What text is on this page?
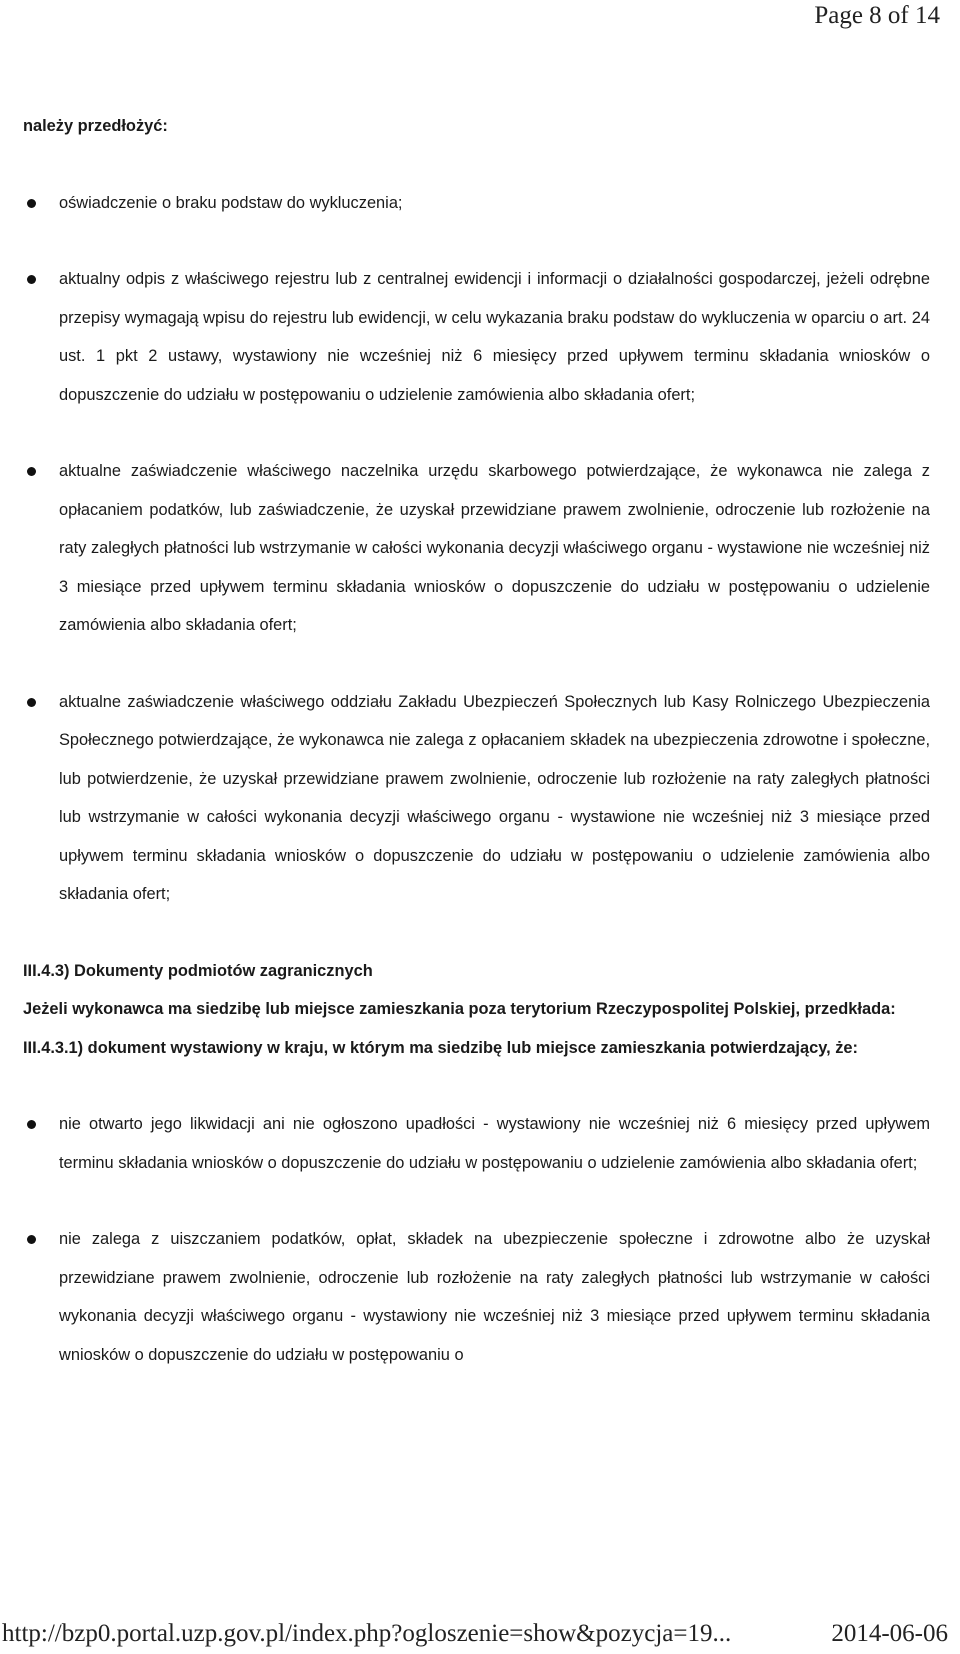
Page 8 of 14

należy przedłożyć:

oświadczenie o braku podstaw do wykluczenia;
aktualny odpis z właściwego rejestru lub z centralnej ewidencji i informacji o działalności gospodarczej, jeżeli odrębne przepisy wymagają wpisu do rejestru lub ewidencji, w celu wykazania braku podstaw do wykluczenia w oparciu o art. 24 ust. 1 pkt 2 ustawy, wystawiony nie wcześniej niż 6 miesięcy przed upływem terminu składania wniosków o dopuszczenie do udziału w postępowaniu o udzielenie zamówienia albo składania ofert;
aktualne zaświadczenie właściwego naczelnika urzędu skarbowego potwierdzające, że wykonawca nie zalega z opłacaniem podatków, lub zaświadczenie, że uzyskał przewidziane prawem zwolnienie, odroczenie lub rozłożenie na raty zaległych płatności lub wstrzymanie w całości wykonania decyzji właściwego organu - wystawione nie wcześniej niż 3 miesiące przed upływem terminu składania wniosków o dopuszczenie do udziału w postępowaniu o udzielenie zamówienia albo składania ofert;
aktualne zaświadczenie właściwego oddziału Zakładu Ubezpieczeń Społecznych lub Kasy Rolniczego Ubezpieczenia Społecznego potwierdzające, że wykonawca nie zalega z opłacaniem składek na ubezpieczenia zdrowotne i społeczne, lub potwierdzenie, że uzyskał przewidziane prawem zwolnienie, odroczenie lub rozłożenie na raty zaległych płatności lub wstrzymanie w całości wykonania decyzji właściwego organu - wystawione nie wcześniej niż 3 miesiące przed upływem terminu składania wniosków o dopuszczenie do udziału w postępowaniu o udzielenie zamówienia albo składania ofert;

III.4.3) Dokumenty podmiotów zagranicznych

Jeżeli wykonawca ma siedzibę lub miejsce zamieszkania poza terytorium Rzeczypospolitej Polskiej, przedkłada:

III.4.3.1) dokument wystawiony w kraju, w którym ma siedzibę lub miejsce zamieszkania potwierdzający, że:

nie otwarto jego likwidacji ani nie ogłoszono upadłości - wystawiony nie wcześniej niż 6 miesięcy przed upływem terminu składania wniosków o dopuszczenie do udziału w postępowaniu o udzielenie zamówienia albo składania ofert;
nie zalega z uiszczaniem podatków, opłat, składek na ubezpieczenie społeczne i zdrowotne albo że uzyskał przewidziane prawem zwolnienie, odroczenie lub rozłożenie na raty zaległych płatności lub wstrzymanie w całości wykonania decyzji właściwego organu - wystawiony nie wcześniej niż 3 miesiące przed upływem terminu składania wniosków o dopuszczenie do udziału w postępowaniu o
http://bzp0.portal.uzp.gov.pl/index.php?ogloszenie=show&pozycja=19...	2014-06-06
